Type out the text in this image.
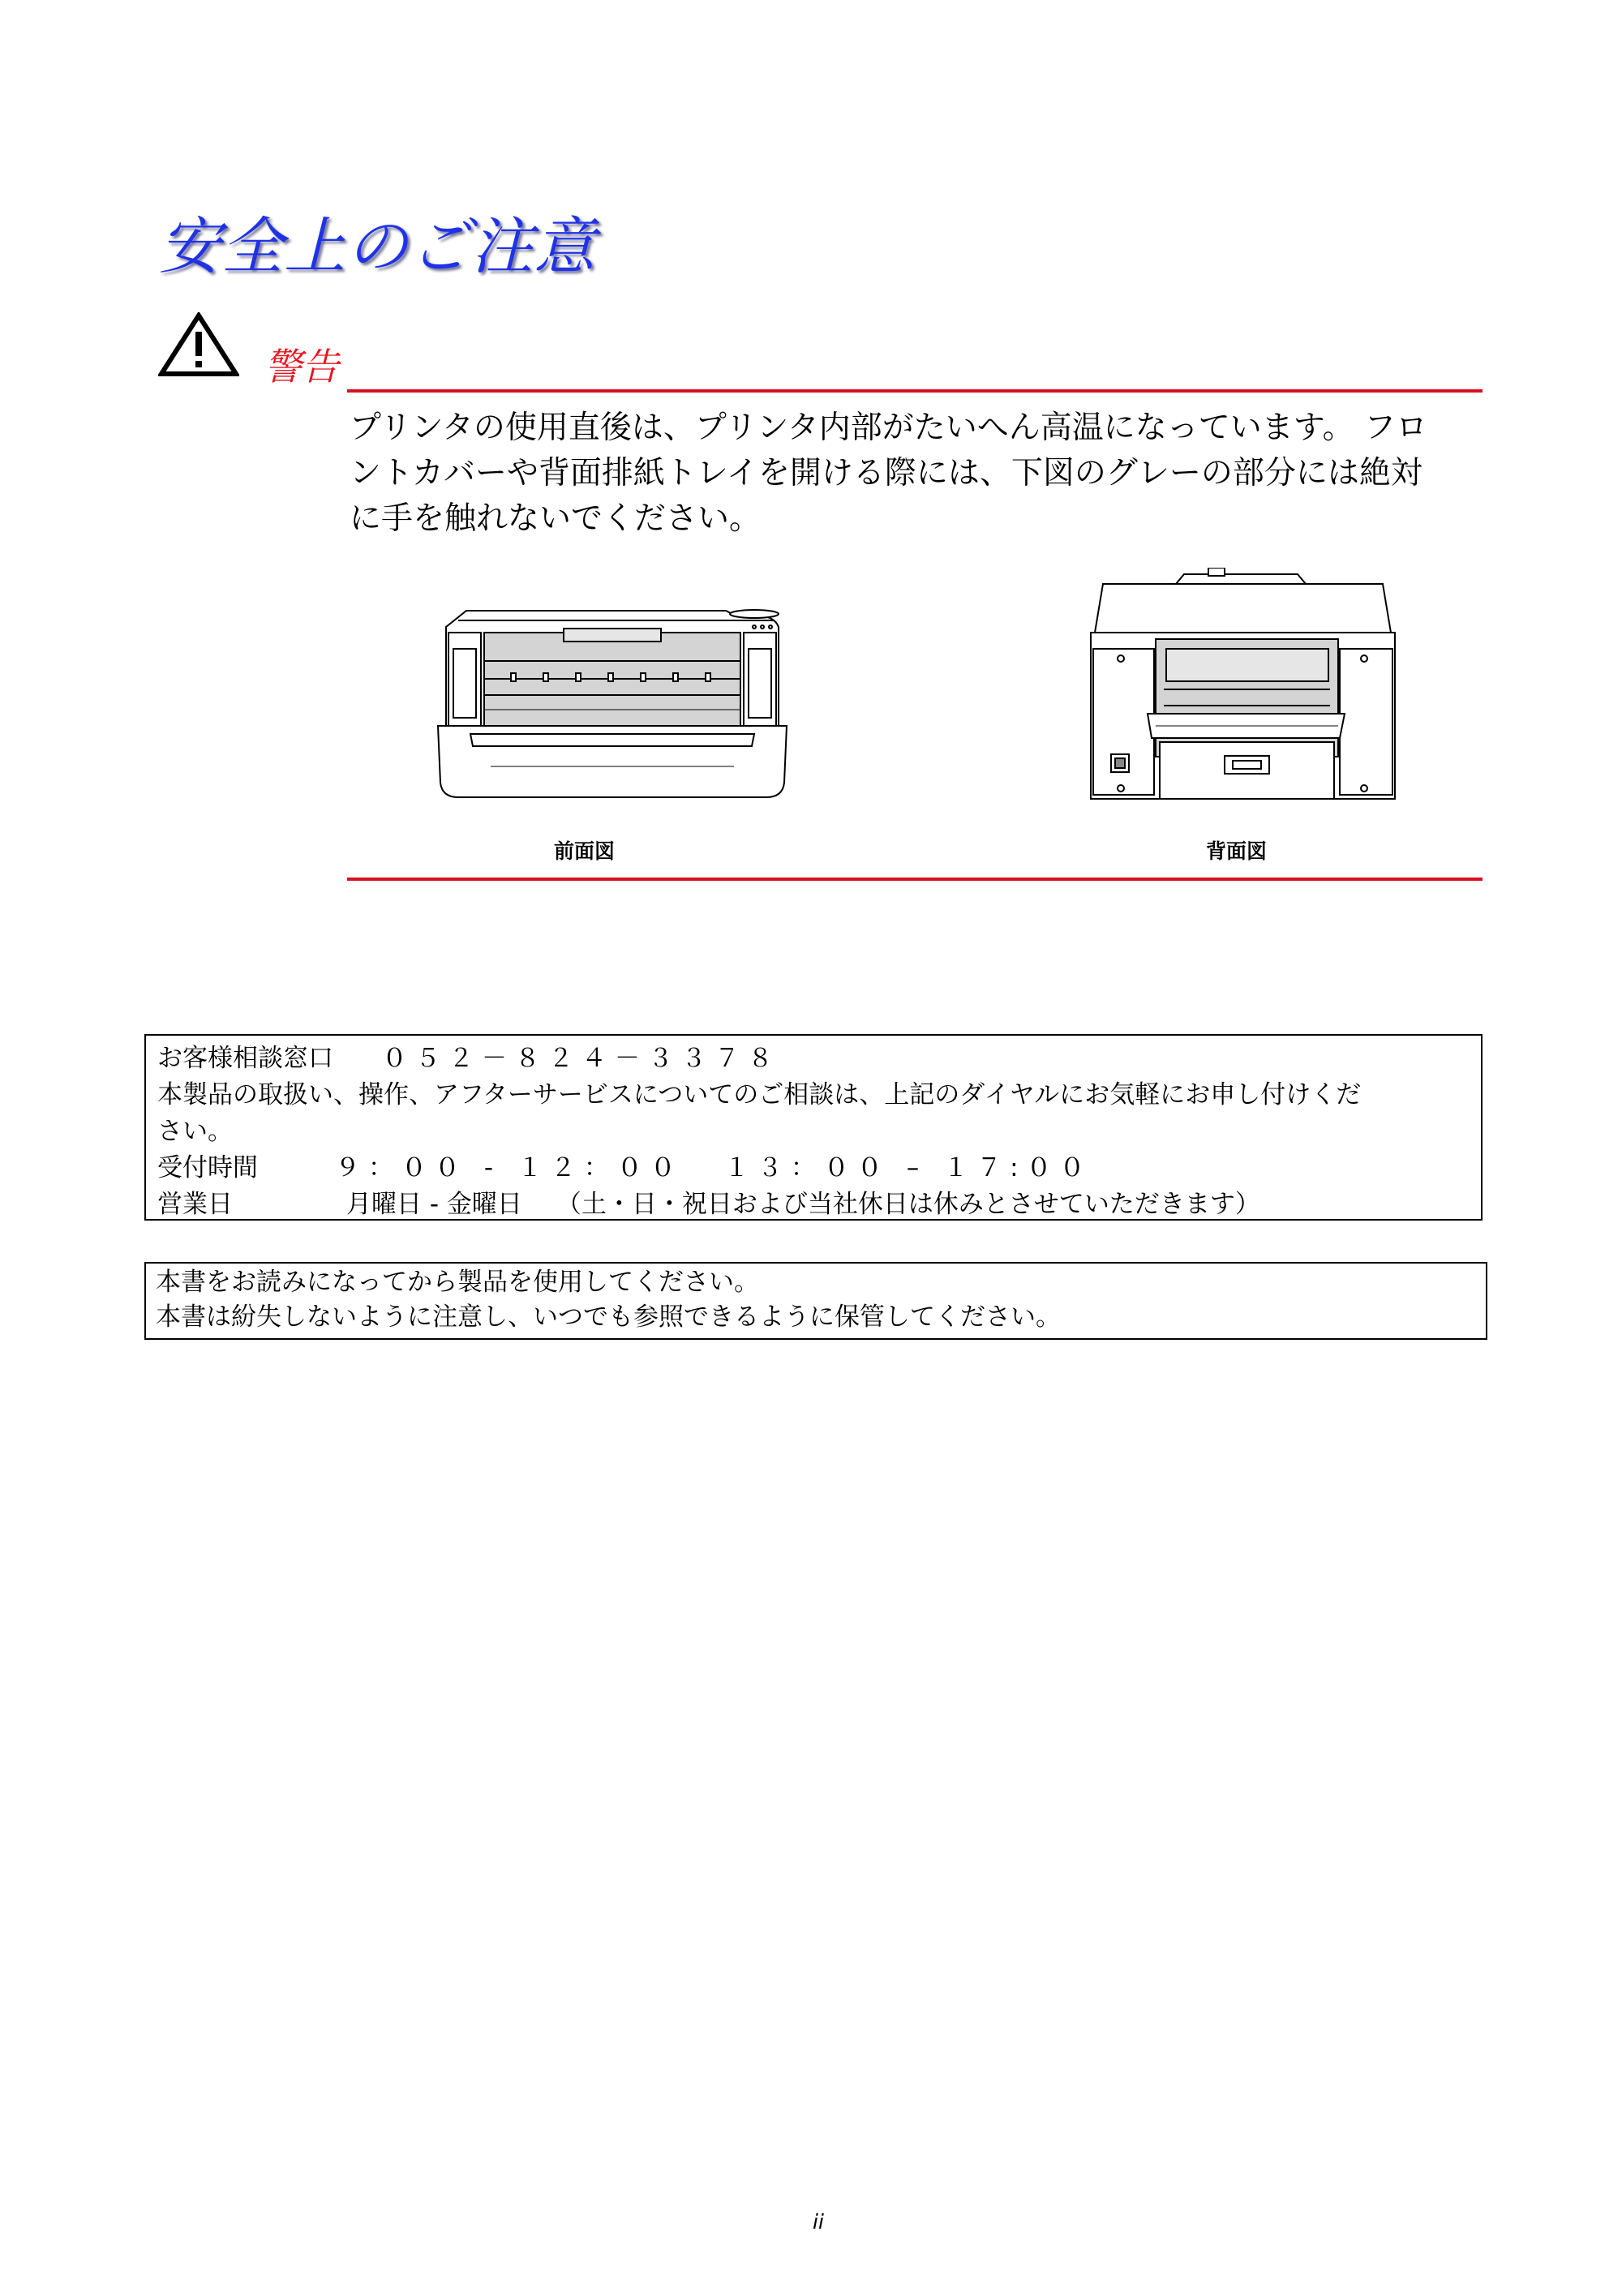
安全上のご注意

警告

プリンタの使用直後は、プリンタ内部がたいへん高温になっています。 フロ
ントカバーや背面排紙トレイを開ける際には、下図のグレーの部分には絶対
に手を触れないでください。

前面図	背面図

お客様相談窓口 ０５２－８２４－３３７８
本製品の取扱い、操作、アフターサービスについてのご相談は、上記のダイヤルにお気軽にお申し付けくだ
さい。
受付時間	９：００ - １２：００ １３：００ – １７:００
営業日	月曜日 - 金曜日 （土・日・祝日および当社休日は休みとさせていただきます）
本書をお読みになってから製品を使用してください。
本書は紛失しないように注意し、いつでも参照できるように保管してください。

ii
